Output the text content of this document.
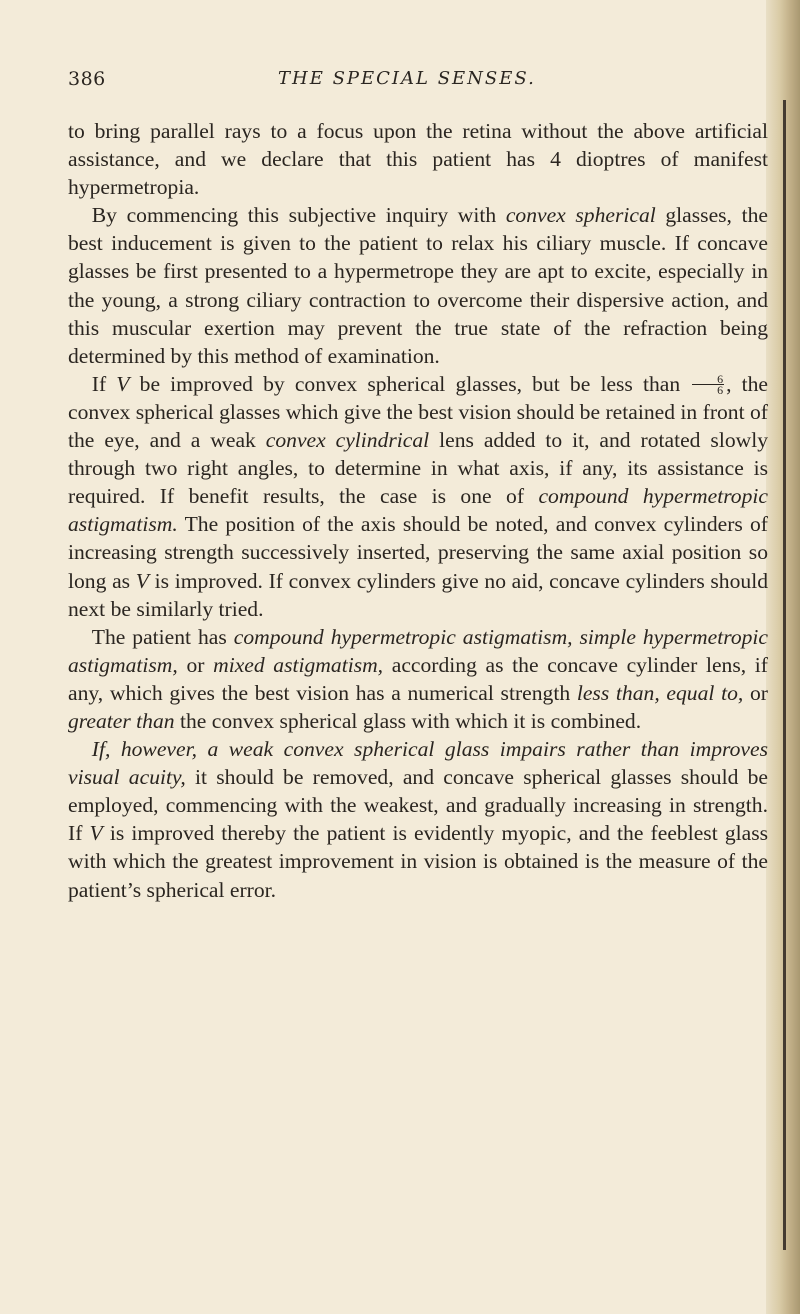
386	THE SPECIAL SENSES.

to bring parallel rays to a focus upon the retina without the above artificial assistance, and we declare that this patient has 4 dioptres of manifest hypermetropia.

By commencing this subjective inquiry with convex spherical glasses, the best inducement is given to the patient to relax his ciliary muscle. If concave glasses be first presented to a hypermetrope they are apt to excite, especially in the young, a strong ciliary contraction to overcome their dispersive action, and this muscular exertion may prevent the true state of the refraction being determined by this method of examination.

If V be improved by convex spherical glasses, but be less than $\frac{6}{6}$ , the convex spherical glasses which give the best vision should be retained in front of the eye, and a weak convex cylindrical lens added to it, and rotated slowly through two right angles, to determine in what axis, if any, its assistance is required. If benefit results, the case is one of compound hypermetropic astigmatism. The position of the axis should be noted, and convex cylinders of increasing strength successively inserted, preserving the same axial position so long as V is improved. If convex cylinders give no aid, concave cylinders should next be similarly tried.

The patient has compound hypermetropic astigmatism, simple hypermetropic astigmatism, or mixed astigmatism, according as the concave cylinder lens, if any, which gives the best vision has a numerical strength less than, equal to, or greater than the convex spherical glass with which it is combined.

If, however, a weak convex spherical glass impairs rather than improves visual acuity, it should be removed, and concave spherical glasses should be employed, commencing with the weakest, and gradually increasing in strength. If V is improved thereby the patient is evidently myopic, and the feeblest glass with which the greatest improvement in vision is obtained is the measure of the patient’s spherical error.
